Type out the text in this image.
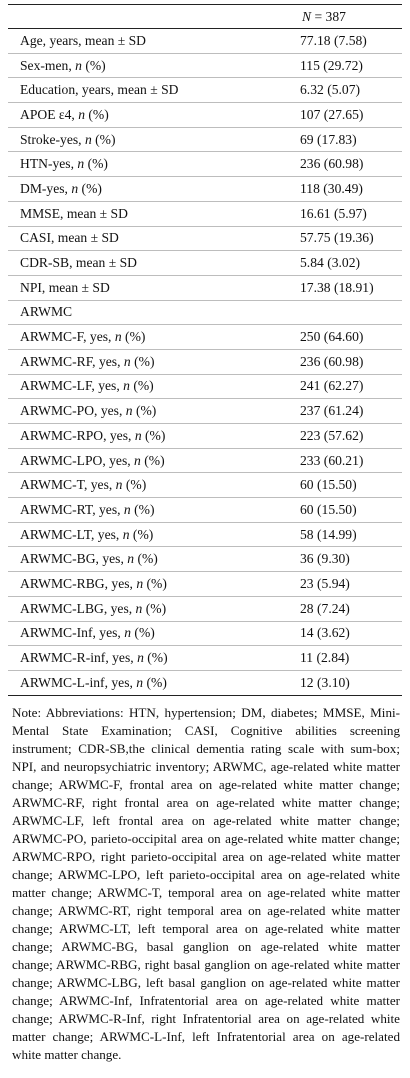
	N = 387
Age, years, mean ± SD	77.18 (7.58)
Sex-men, n (%)	115 (29.72)
Education, years, mean ± SD	6.32 (5.07)
APOE ε4, n (%)	107 (27.65)
Stroke-yes, n (%)	69 (17.83)
HTN-yes, n (%)	236 (60.98)
DM-yes, n (%)	118 (30.49)
MMSE, mean ± SD	16.61 (5.97)
CASI, mean ± SD	57.75 (19.36)
CDR-SB, mean ± SD	5.84 (3.02)
NPI, mean ± SD	17.38 (18.91)
ARWMC	
ARWMC-F, yes, n (%)	250 (64.60)
ARWMC-RF, yes, n (%)	236 (60.98)
ARWMC-LF, yes, n (%)	241 (62.27)
ARWMC-PO, yes, n (%)	237 (61.24)
ARWMC-RPO, yes, n (%)	223 (57.62)
ARWMC-LPO, yes, n (%)	233 (60.21)
ARWMC-T, yes, n (%)	60 (15.50)
ARWMC-RT, yes, n (%)	60 (15.50)
ARWMC-LT, yes, n (%)	58 (14.99)
ARWMC-BG, yes, n (%)	36 (9.30)
ARWMC-RBG, yes, n (%)	23 (5.94)
ARWMC-LBG, yes, n (%)	28 (7.24)
ARWMC-Inf, yes, n (%)	14 (3.62)
ARWMC-R-inf, yes, n (%)	11 (2.84)
ARWMC-L-inf, yes, n (%)	12 (3.10)
Note: Abbreviations: HTN, hypertension; DM, diabetes; MMSE, Mini-Mental State Examination; CASI, Cognitive abilities screening instrument; CDR-SB,the clinical dementia rating scale with sum-box; NPI, and neuropsychiatric inventory; ARWMC, age-related white matter change; ARWMC-F, frontal area on age-related white matter change; ARWMC-RF, right frontal area on age-related white matter change; ARWMC-LF, left frontal area on age-related white matter change; ARWMC-PO, parieto-occipital area on age-related white matter change; ARWMC-RPO, right parieto-occipital area on age-related white matter change; ARWMC-LPO, left parieto-occipital area on age-related white matter change; ARWMC-T, temporal area on age-related white matter change; ARWMC-RT, right temporal area on age-related white matter change; ARWMC-LT, left temporal area on age-related white matter change; ARWMC-BG, basal ganglion on age-related white matter change; ARWMC-RBG, right basal ganglion on age-related white matter change; ARWMC-LBG, left basal ganglion on age-related white matter change; ARWMC-Inf, Infratentorial area on age-related white matter change; ARWMC-R-Inf, right Infratentorial area on age-related white matter change; ARWMC-L-Inf, left Infratentorial area on age-related white matter change.
